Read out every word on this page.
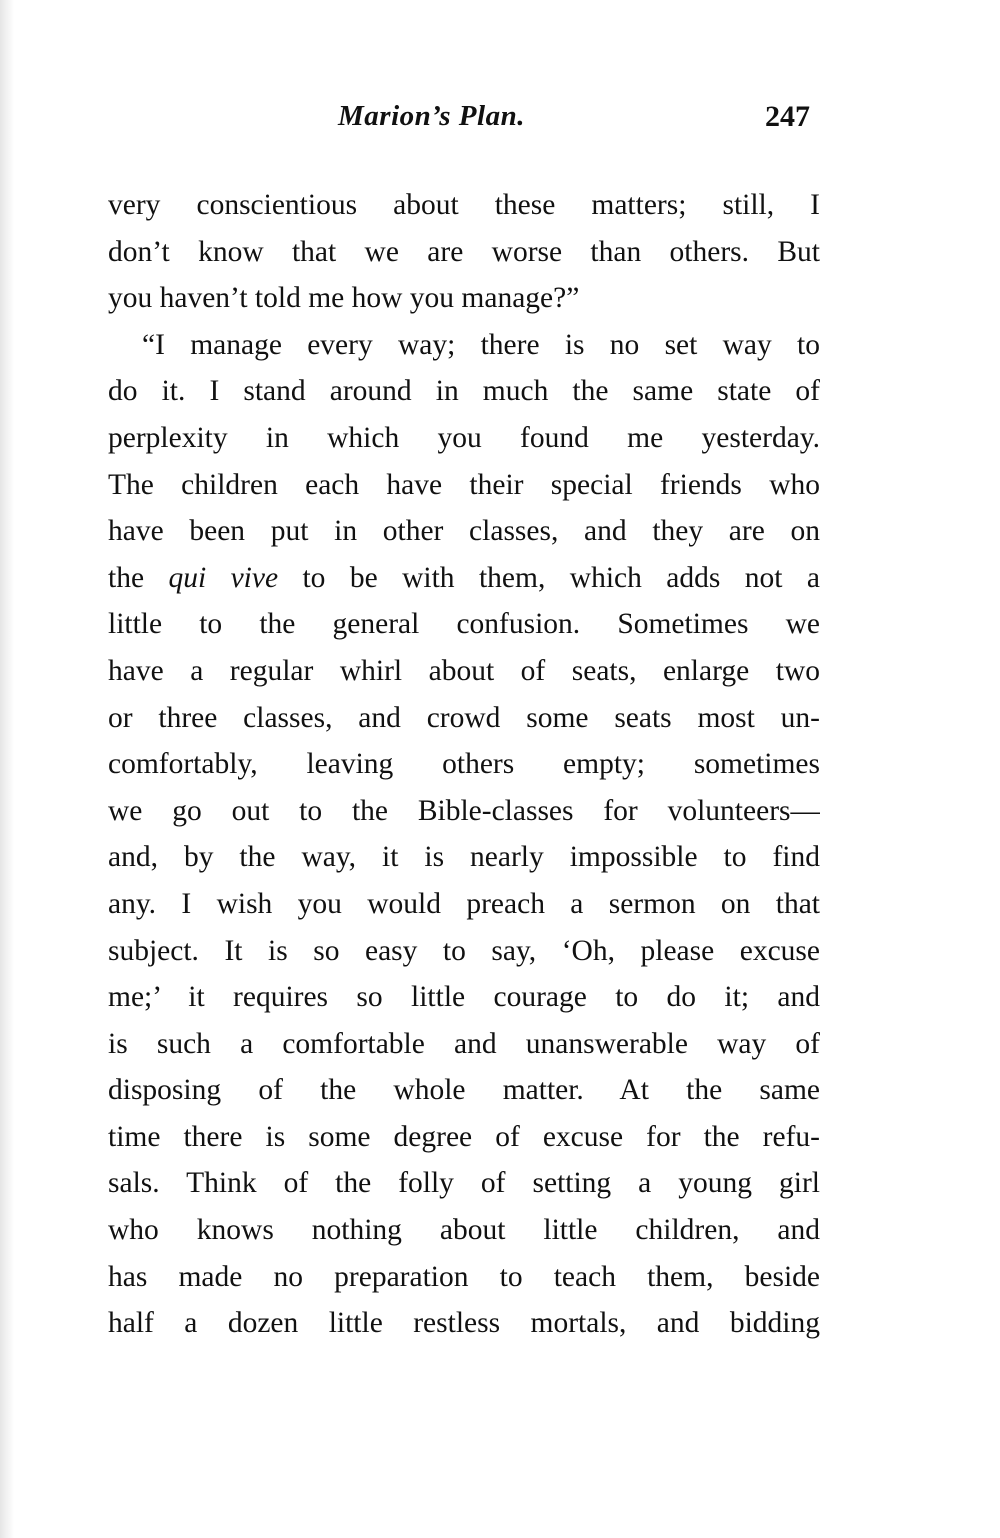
Marion’s Plan.	247
very conscientious about these matters; still, I
don’t know that we are worse than others. But
you haven’t told me how you manage?”
“I manage every way; there is no set way to
do it. I stand around in much the same state of
perplexity in which you found me yesterday.
The children each have their special friends who
have been put in other classes, and they are on
the qui vive to be with them, which adds not a
little to the general confusion. Sometimes we
have a regular whirl about of seats, enlarge two
or three classes, and crowd some seats most un-
comfortably, leaving others empty; sometimes
we go out to the Bible-classes for volunteers—
and, by the way, it is nearly impossible to find
any. I wish you would preach a sermon on that
subject. It is so easy to say, ‘Oh, please excuse
me;’ it requires so little courage to do it; and
is such a comfortable and unanswerable way of
disposing of the whole matter. At the same
time there is some degree of excuse for the refu-
sals. Think of the folly of setting a young girl
who knows nothing about little children, and
has made no preparation to teach them, beside
half a dozen little restless mortals, and bidding
